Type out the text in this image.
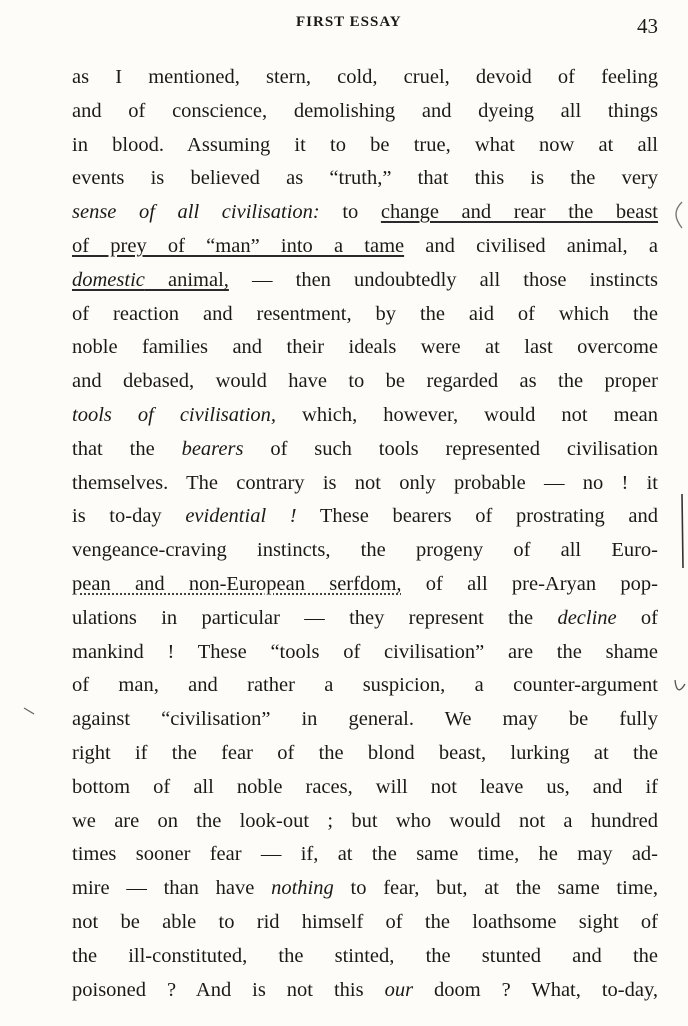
FIRST ESSAY	43
as I mentioned, stern, cold, cruel, devoid of feeling
and of conscience, demolishing and dyeing all things
in blood. Assuming it to be true, what now at all
events is believed as “truth,” that this is the very
sense of all civilisation: to change and rear the beast
of prey of “man” into a tame and civilised animal, a
domestic animal, — then undoubtedly all those instincts
of reaction and resentment, by the aid of which the
noble families and their ideals were at last overcome
and debased, would have to be regarded as the proper
tools of civilisation, which, however, would not mean
that the bearers of such tools represented civilisation
themselves. The contrary is not only probable — no ! it
is to-day evidential ! These bearers of prostrating and
vengeance-craving instincts, the progeny of all Euro-
pean and non-European serfdom, of all pre-Aryan pop-
ulations in particular — they represent the decline of
mankind ! These “tools of civilisation” are the shame
of man, and rather a suspicion, a counter-argument
against “civilisation” in general. We may be fully
right if the fear of the blond beast, lurking at the
bottom of all noble races, will not leave us, and if
we are on the look-out ; but who would not a hundred
times sooner fear — if, at the same time, he may ad-
mire — than have nothing to fear, but, at the same time,
not be able to rid himself of the loathsome sight of
the ill-constituted, the stinted, the stunted and the
poisoned ? And is not this our doom ? What, to-day,
